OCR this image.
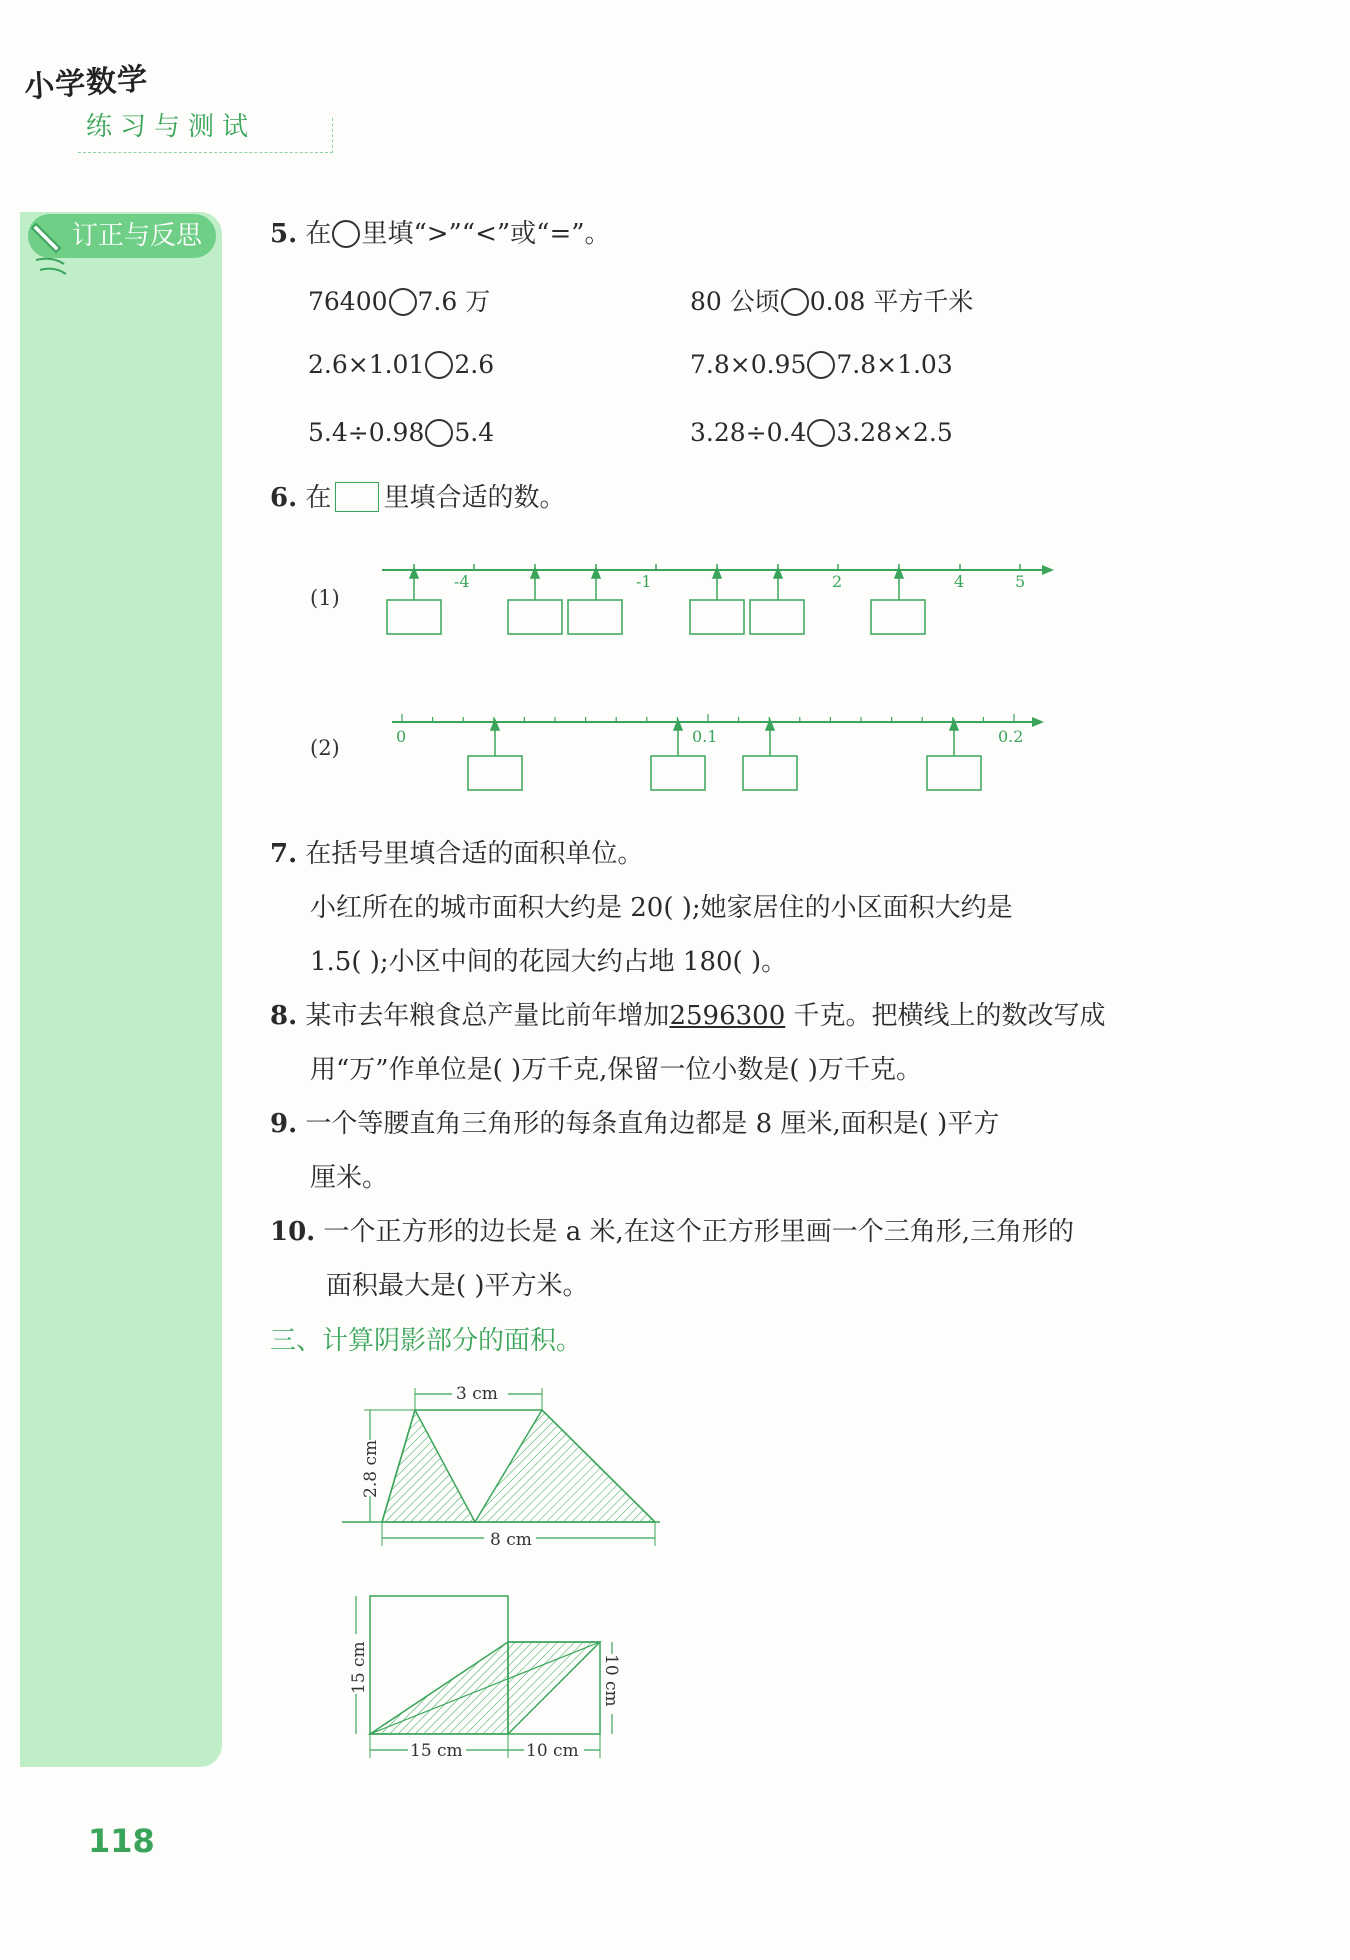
小学数学
练习与测试
订正与反思	5. 在 里填“>”“<”或“=”。
76400 7.6 万	80 公顷 0.08 平方千米
2.6×1.01 2.6	7.8×0.95 7.8×1.03
5.4÷0.98 5.4	3.28÷0.4 3.28×2.5
6. 在 里填合适的数。
(1)
-4	-1	2	4	5
(2)	0	0.1	0.2
7. 在括号里填合适的面积单位。
小红所在的城市面积大约是 20( );她家居住的小区面积大约是
1.5( );小区中间的花园大约占地 180( )。
8. 某市去年粮食总产量比前年增加2596300 千克。把横线上的数改写成
用“万”作单位是( )万千克,保留一位小数是( )万千克。
9. 一个等腰直角三角形的每条直角边都是 8 厘米,面积是( )平方
厘米。
10. 一个正方形的边长是 a 米,在这个正方形里画一个三角形,三角形的
面积最大是( )平方米。
三、计算阴影部分的面积。
3 cm
2.8 cm
8 cm
15 cm	10 cm
15 cm	10 cm
118
